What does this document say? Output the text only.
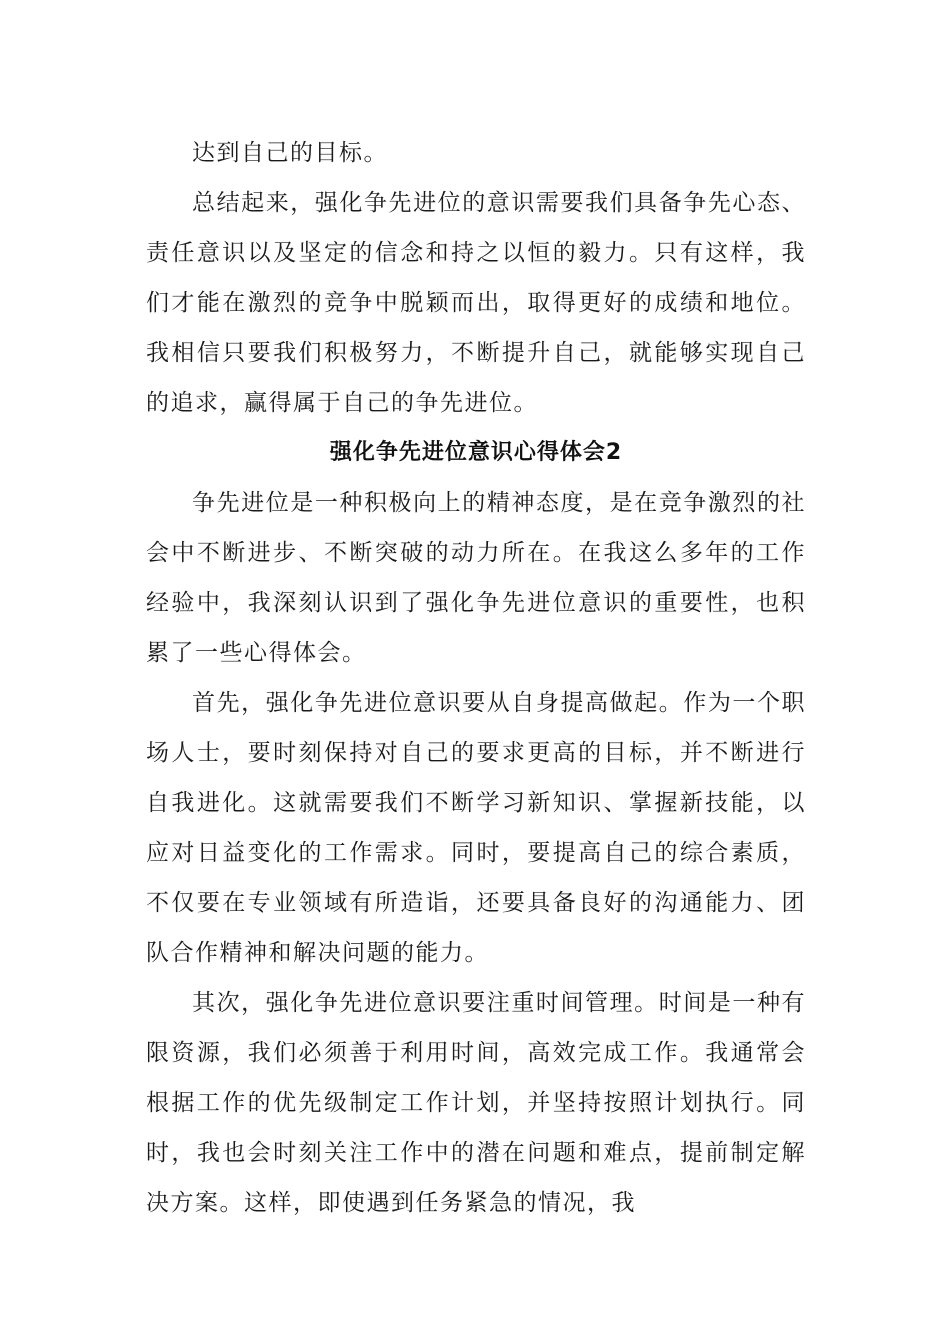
达到自己的目标。

总结起来，强化争先进位的意识需要我们具备争先心态、责任意识以及坚定的信念和持之以恒的毅力。只有这样，我们才能在激烈的竞争中脱颖而出，取得更好的成绩和地位。我相信只要我们积极努力，不断提升自己，就能够实现自己的追求，赢得属于自己的争先进位。

强化争先进位意识心得体会2

争先进位是一种积极向上的精神态度，是在竞争激烈的社会中不断进步、不断突破的动力所在。在我这么多年的工作经验中，我深刻认识到了强化争先进位意识的重要性，也积累了一些心得体会。

首先，强化争先进位意识要从自身提高做起。作为一个职场人士，要时刻保持对自己的要求更高的目标，并不断进行自我进化。这就需要我们不断学习新知识、掌握新技能，以应对日益变化的工作需求。同时，要提高自己的综合素质，不仅要在专业领域有所造诣，还要具备良好的沟通能力、团队合作精神和解决问题的能力。

其次，强化争先进位意识要注重时间管理。时间是一种有限资源，我们必须善于利用时间，高效完成工作。我通常会根据工作的优先级制定工作计划，并坚持按照计划执行。同时，我也会时刻关注工作中的潜在问题和难点，提前制定解决方案。这样，即使遇到任务紧急的情况，我
